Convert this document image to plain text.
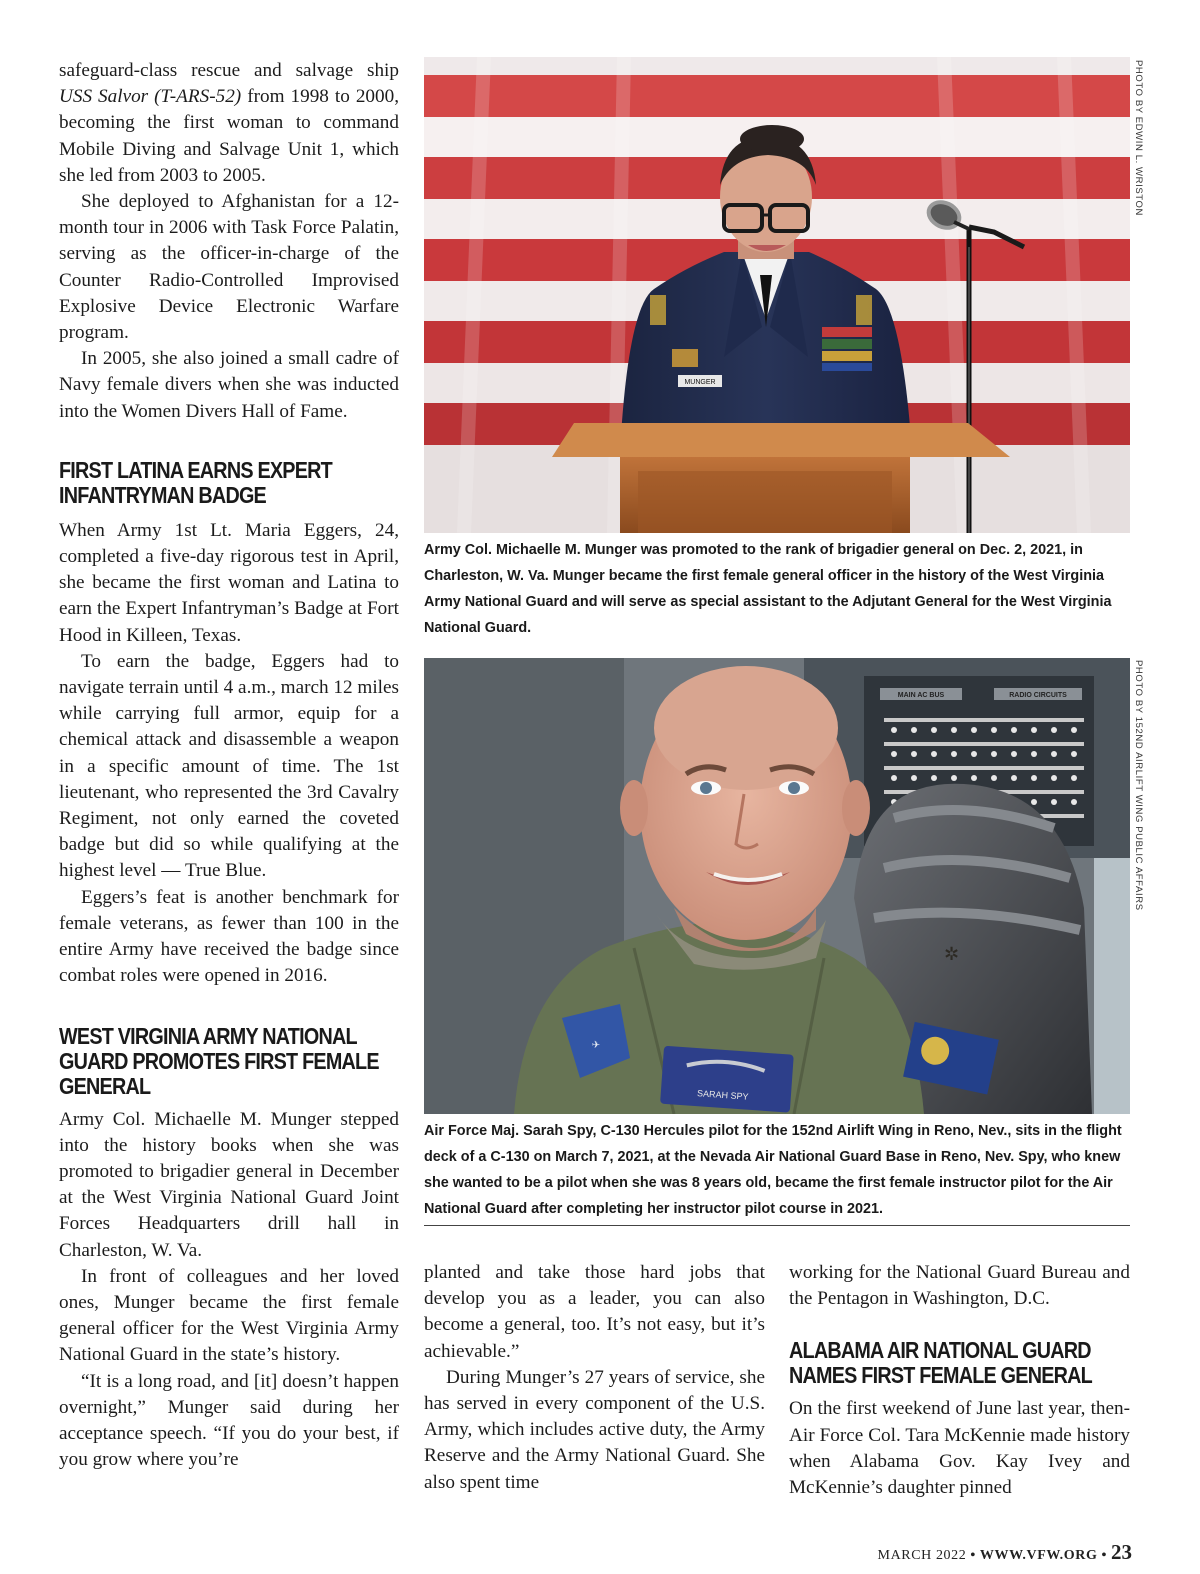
safeguard-class rescue and salvage ship USS Salvor (T-ARS-52) from 1998 to 2000, becoming the first woman to command Mobile Diving and Salvage Unit 1, which she led from 2003 to 2005.

She deployed to Afghanistan for a 12-month tour in 2006 with Task Force Palatin, serving as the officer-in-charge of the Counter Radio-Controlled Improvised Explosive Device Electronic Warfare program.

In 2005, she also joined a small cadre of Navy female divers when she was inducted into the Women Divers Hall of Fame.

FIRST LATINA EARNS EXPERT INFANTRYMAN BADGE

When Army 1st Lt. Maria Eggers, 24, completed a five-day rigorous test in April, she became the first woman and Latina to earn the Expert Infantryman’s Badge at Fort Hood in Killeen, Texas.

To earn the badge, Eggers had to navigate terrain until 4 a.m., march 12 miles while carrying full armor, equip for a chemical attack and disassemble a weapon in a specific amount of time. The 1st lieutenant, who represented the 3rd Cavalry Regiment, not only earned the coveted badge but did so while qualifying at the highest level — True Blue.

Eggers’s feat is another benchmark for female veterans, as fewer than 100 in the entire Army have received the badge since combat roles were opened in 2016.

WEST VIRGINIA ARMY NATIONAL GUARD PROMOTES FIRST FEMALE GENERAL

Army Col. Michaelle M. Munger stepped into the history books when she was promoted to brigadier general in December at the West Virginia National Guard Joint Forces Headquarters drill hall in Charleston, W. Va.

In front of colleagues and her loved ones, Munger became the first female general officer for the West Virginia Army National Guard in the state’s history.

“It is a long road, and [it] doesn’t happen overnight,” Munger said during her acceptance speech. “If you do your best, if you grow where you’re

MUNGER
PHOTO BY EDWIN L. WRISTON

Army Col. Michaelle M. Munger was promoted to the rank of brigadier general on Dec. 2, 2021, in Charleston, W. Va. Munger became the first female general officer in the history of the West Virginia Army National Guard and will serve as special assistant to the Adjutant General for the West Virginia National Guard.

MAIN AC BUS	RADIO CIRCUITS
✈
SARAH SPY
✲
PHOTO BY 152ND AIRLIFT WING PUBLIC AFFAIRS

Air Force Maj. Sarah Spy, C-130 Hercules pilot for the 152nd Airlift Wing in Reno, Nev., sits in the flight deck of a C-130 on March 7, 2021, at the Nevada Air National Guard Base in Reno, Nev. Spy, who knew she wanted to be a pilot when she was 8 years old, became the first female instructor pilot for the Air National Guard after completing her instructor pilot course in 2021.

planted and take those hard jobs that develop you as a leader, you can also become a general, too. It’s not easy, but it’s achievable.”

During Munger’s 27 years of service, she has served in every component of the U.S. Army, which includes active duty, the Army Reserve and the Army National Guard. She also spent time

working for the National Guard Bureau and the Pentagon in Washington, D.C.

ALABAMA AIR NATIONAL GUARD NAMES FIRST FEMALE GENERAL

On the first weekend of June last year, then-Air Force Col. Tara McKennie made history when Alabama Gov. Kay Ivey and McKennie’s daughter pinned

MARCH 2022 • WWW.VFW.ORG • 23
